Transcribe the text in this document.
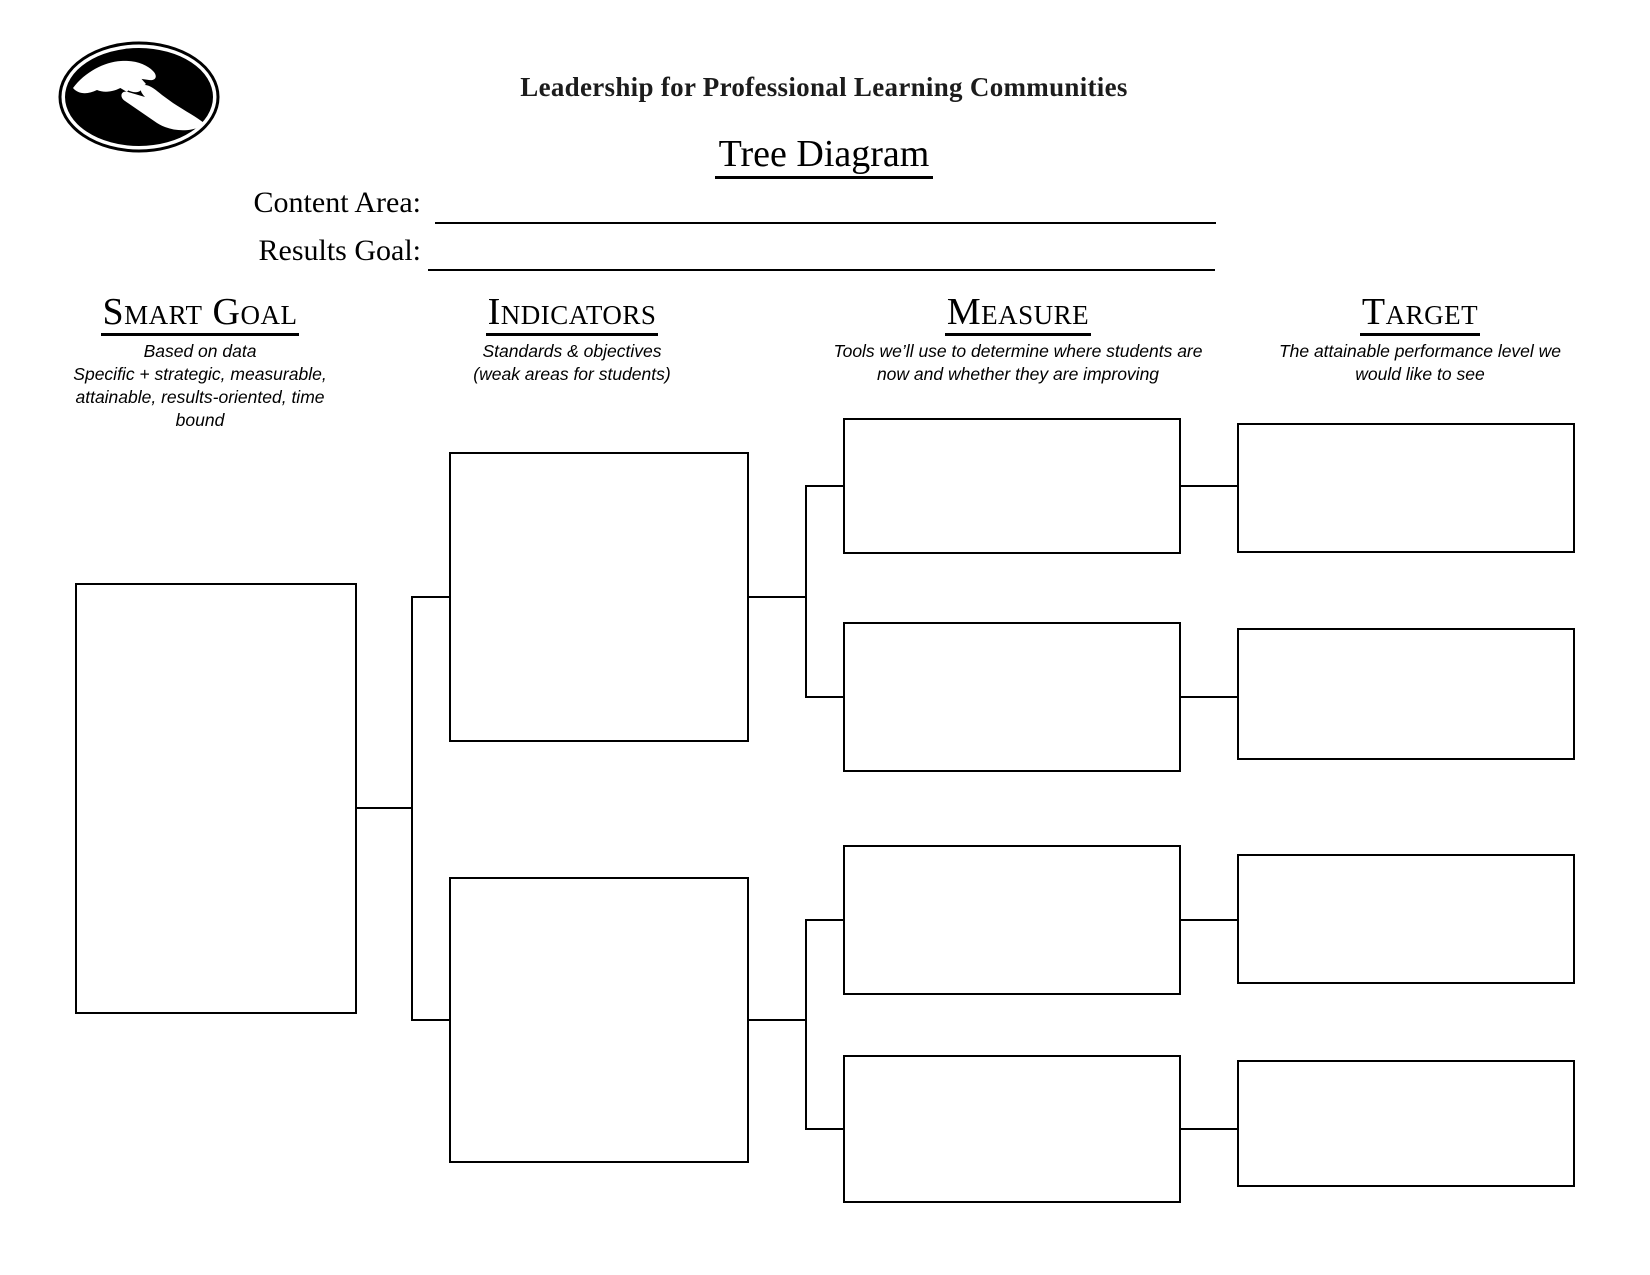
Leadership for Professional Learning Communities
Tree Diagram
Content Area:
Results Goal:
Smart Goal	Indicators	Measure	Target
Based on data
Specific + strategic, measurable,
attainable, results-oriented, time
bound
Standards & objectives
(weak areas for students)
Tools we’ll use to determine where students are
now and whether they are improving
The attainable performance level we
would like to see
